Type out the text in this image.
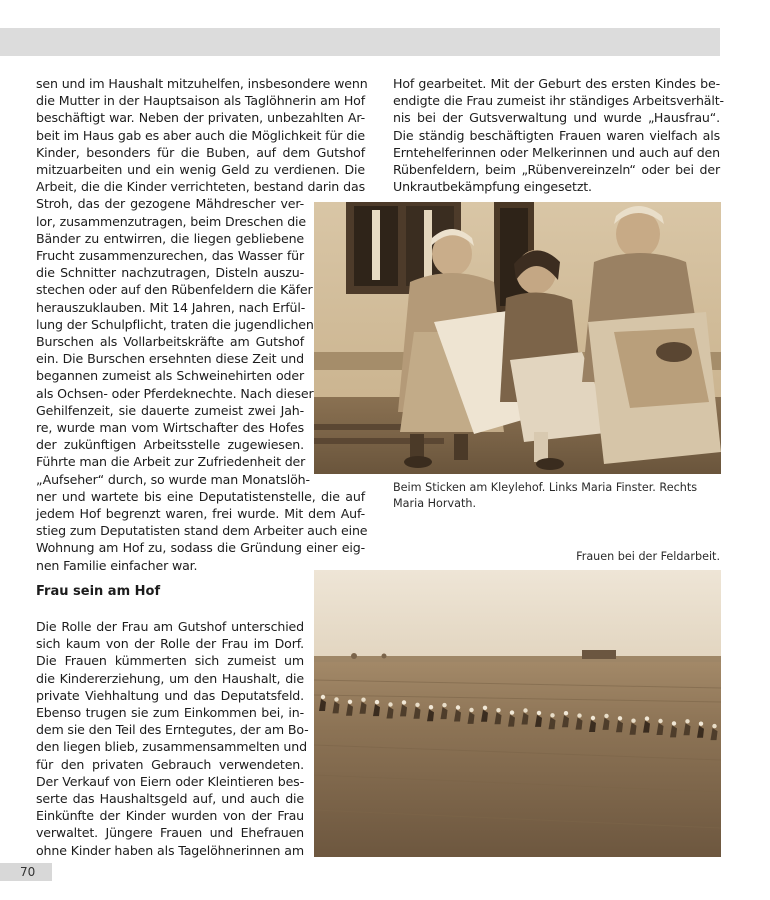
sen und im Haushalt mitzuhelfen, insbesondere wenn
die Mutter in der Hauptsaison als Taglöhnerin am Hof
beschäftigt war. Neben der privaten, unbezahlten Ar-
beit im Haus gab es aber auch die Möglichkeit für die
Kinder, besonders für die Buben, auf dem Gutshof
mitzuarbeiten und ein wenig Geld zu verdienen. Die
Arbeit, die die Kinder verrichteten, bestand darin das
Stroh, das der gezogene Mähdrescher ver-
lor, zusammenzutragen, beim Dreschen die
Bänder zu entwirren, die liegen gebliebene
Frucht zusammenzurechen, das Wasser für
die Schnitter nachzutragen, Disteln auszu-
stechen oder auf den Rübenfeldern die Käfer
herauszuklauben. Mit 14 Jahren, nach Erfül-
lung der Schulpflicht, traten die jugendlichen
Burschen als Vollarbeitskräfte am Gutshof
ein. Die Burschen ersehnten diese Zeit und
begannen zumeist als Schweinehirten oder
als Ochsen- oder Pferdeknechte. Nach dieser
Gehilfenzeit, sie dauerte zumeist zwei Jah-
re, wurde man vom Wirtschafter des Hofes
der zukünftigen Arbeitsstelle zugewiesen.
Führte man die Arbeit zur Zufriedenheit der
„Aufseher“ durch, so wurde man Monatslöh-
ner und wartete bis eine Deputatistenstelle, die auf
jedem Hof begrenzt waren, frei wurde. Mit dem Auf-
stieg zum Deputatisten stand dem Arbeiter auch eine
Wohnung am Hof zu, sodass die Gründung einer eig-
nen Familie einfacher war.
Frau sein am Hof
Die Rolle der Frau am Gutshof unterschied
sich kaum von der Rolle der Frau im Dorf.
Die Frauen kümmerten sich zumeist um
die Kindererziehung, um den Haushalt, die
private Viehhaltung und das Deputatsfeld.
Ebenso trugen sie zum Einkommen bei, in-
dem sie den Teil des Erntegutes, der am Bo-
den liegen blieb, zusammensammelten und
für den privaten Gebrauch verwendeten.
Der Verkauf von Eiern oder Kleintieren bes-
serte das Haushaltsgeld auf, und auch die
Einkünfte der Kinder wurden von der Frau
verwaltet. Jüngere Frauen und Ehefrauen
ohne Kinder haben als Tagelöhnerinnen am
Hof gearbeitet. Mit der Geburt des ersten Kindes be-
endigte die Frau zumeist ihr ständiges Arbeitsverhält-
nis bei der Gutsverwaltung und wurde „Hausfrau“.
Die ständig beschäftigten Frauen waren vielfach als
Erntehelferinnen oder Melkerinnen und auch auf den
Rübenfeldern, beim „Rübenvereinzeln“ oder bei der
Unkrautbekämpfung eingesetzt.
Beim Sticken am Kleylehof. Links Maria Finster. Rechts
Maria Horvath.
Frauen bei der Feldarbeit.
70
